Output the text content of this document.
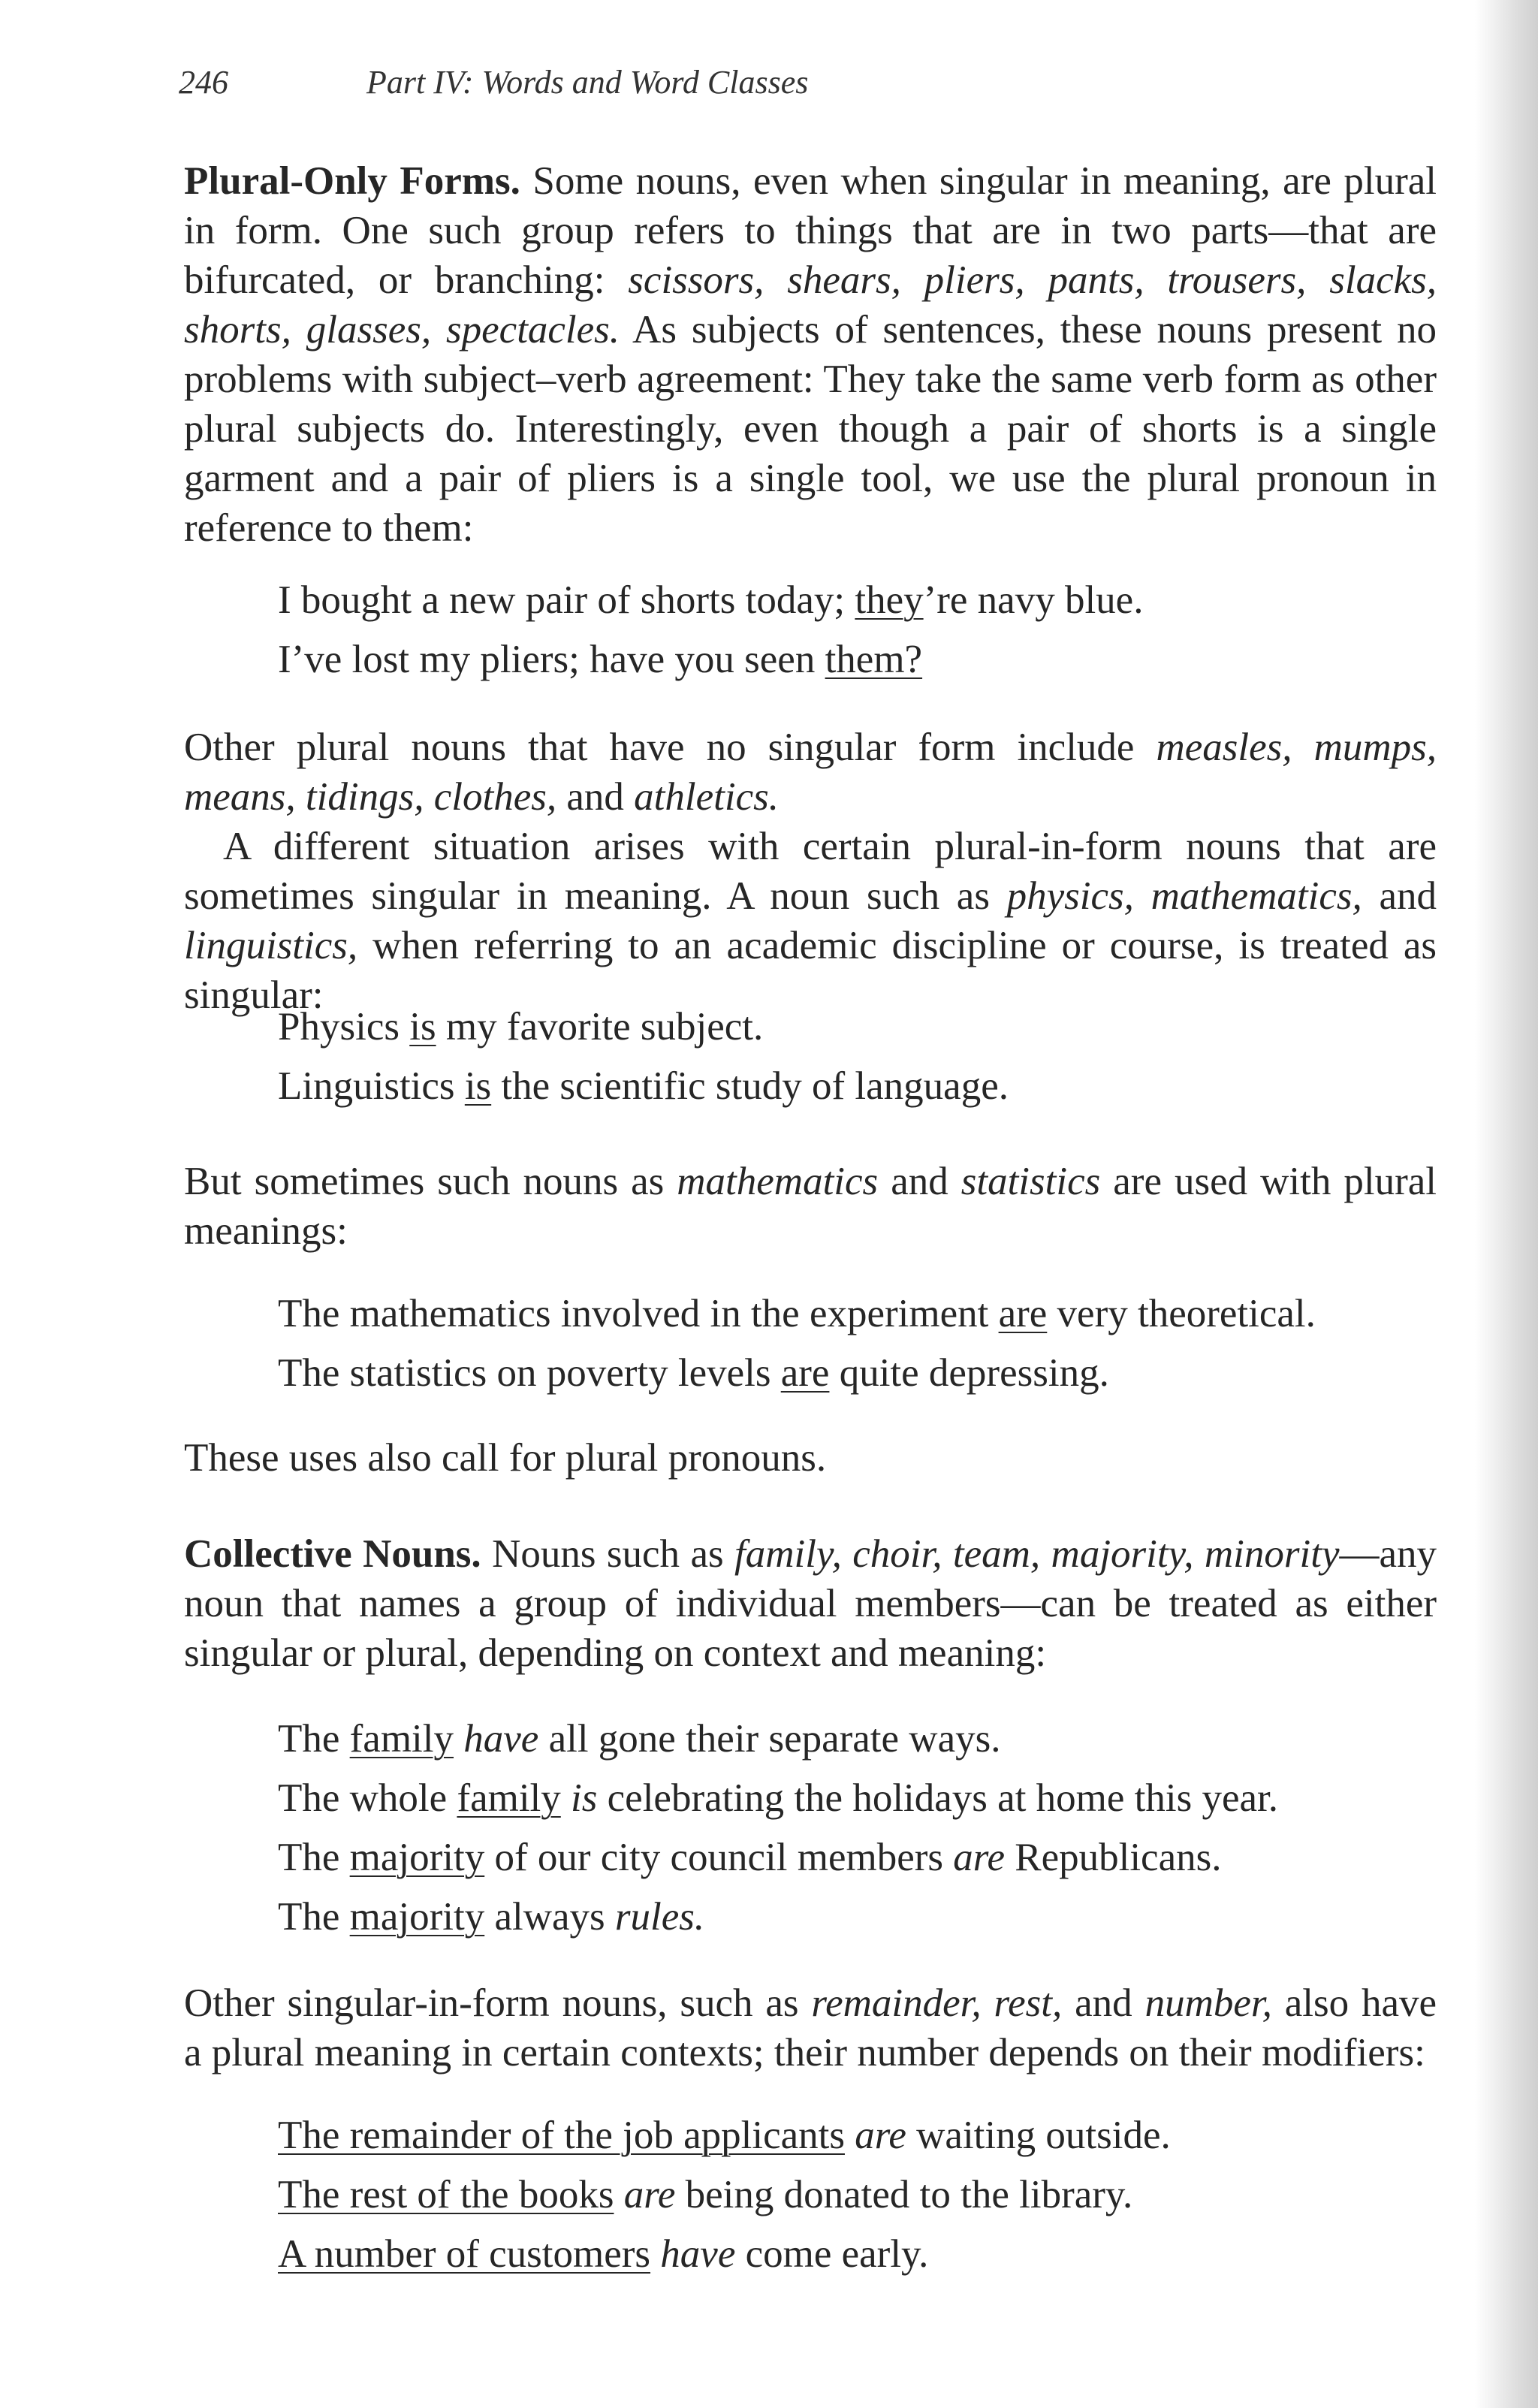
246	Part IV: Words and Word Classes

Plural-Only Forms. Some nouns, even when singular in meaning, are plural in form. One such group refers to things that are in two parts—that are bifurcated, or branching: scissors, shears, pliers, pants, trousers, slacks, shorts, glasses, spectacles. As subjects of sentences, these nouns present no problems with subject–verb agreement: They take the same verb form as other plural subjects do. Interestingly, even though a pair of shorts is a single garment and a pair of pliers is a single tool, we use the plural pronoun in reference to them:

I bought a new pair of shorts today; they’re navy blue.
I’ve lost my pliers; have you seen them?

Other plural nouns that have no singular form include measles, mumps, means, tidings, clothes, and athletics.

A different situation arises with certain plural-in-form nouns that are sometimes singular in meaning. A noun such as physics, mathematics, and linguistics, when referring to an academic discipline or course, is treated as singular:

Physics is my favorite subject.
Linguistics is the scientific study of language.

But sometimes such nouns as mathematics and statistics are used with plural meanings:

The mathematics involved in the experiment are very theoretical.
The statistics on poverty levels are quite depressing.

These uses also call for plural pronouns.

Collective Nouns. Nouns such as family, choir, team, majority, minority—any noun that names a group of individual members—can be treated as either singular or plural, depending on context and meaning:

The family have all gone their separate ways.
The whole family is celebrating the holidays at home this year.
The majority of our city council members are Republicans.
The majority always rules.

Other singular-in-form nouns, such as remainder, rest, and number, also have a plural meaning in certain contexts; their number depends on their modifiers:

The remainder of the job applicants are waiting outside.
The rest of the books are being donated to the library.
A number of customers have come early.
